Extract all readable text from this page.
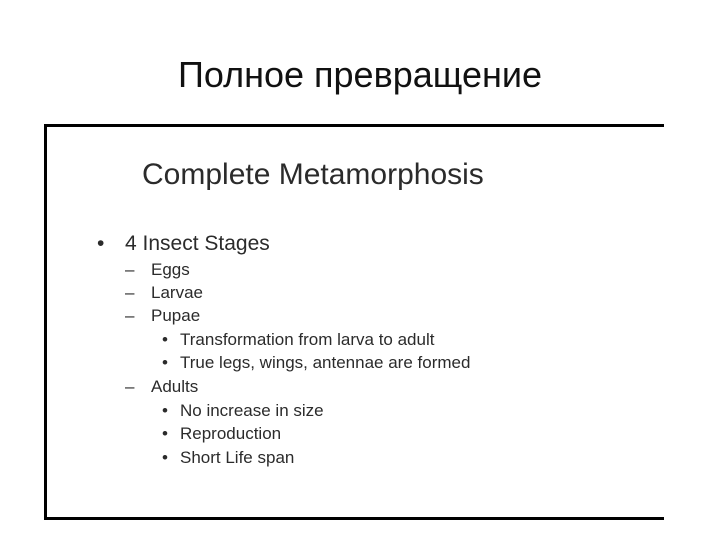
Полное превращение
Complete Metamorphosis
• 4 Insect Stages
– Eggs
– Larvae
– Pupae
• Transformation from larva to adult
• True legs, wings, antennae are formed
– Adults
• No increase in size
• Reproduction
• Short Life span
